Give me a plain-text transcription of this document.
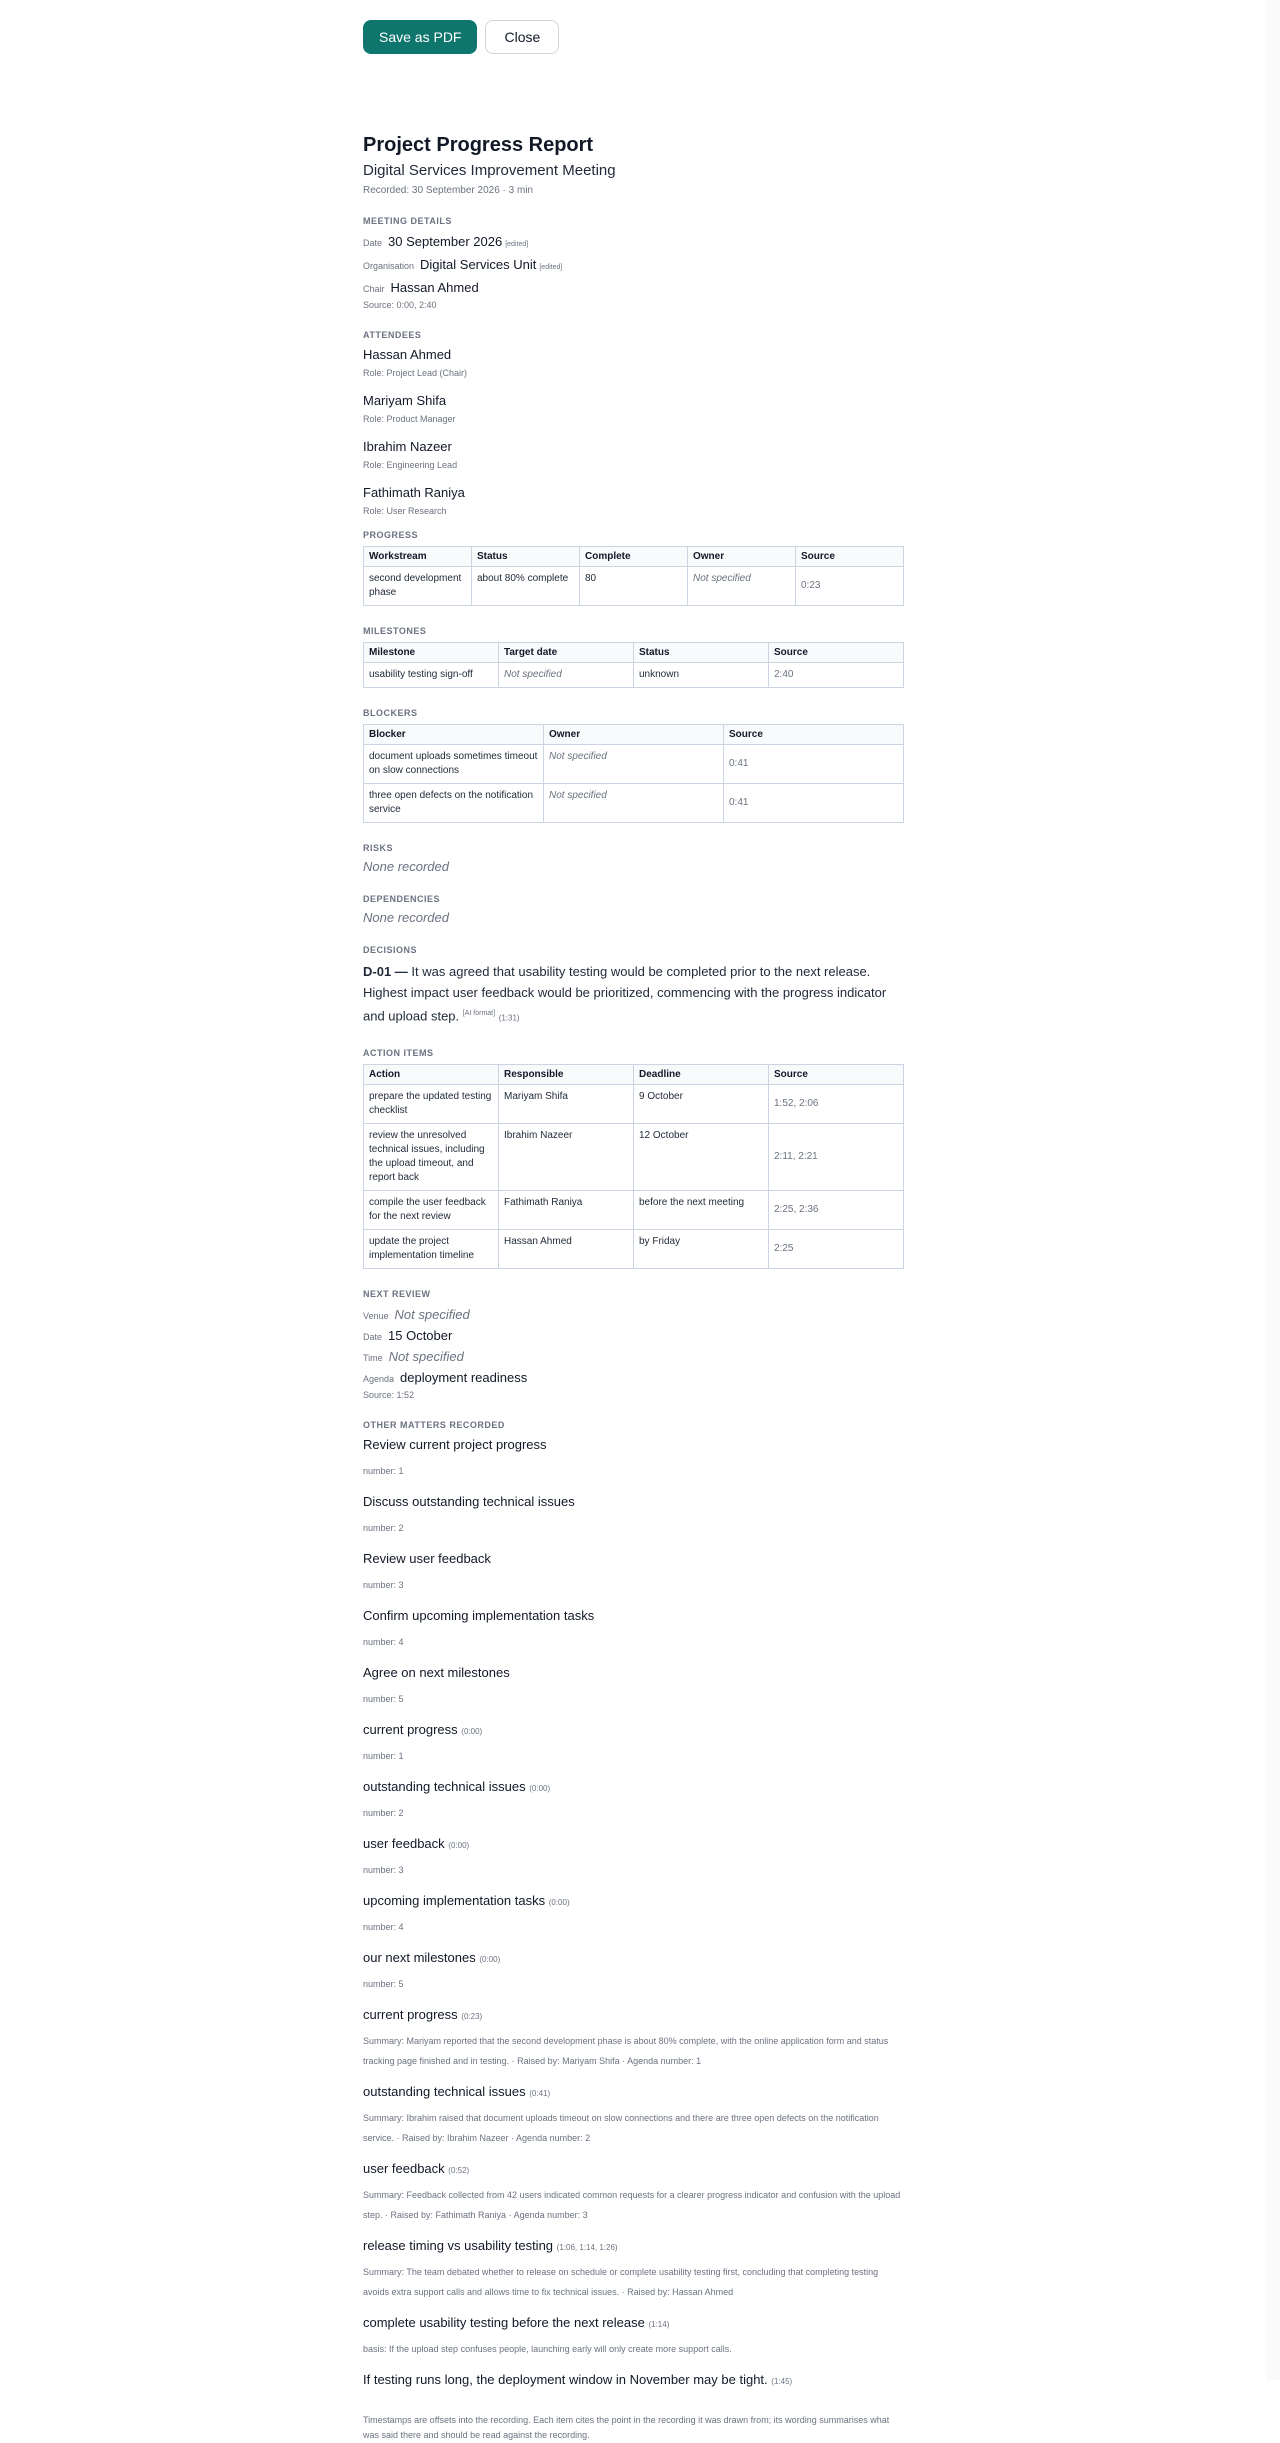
Save as PDF	Close
Project Progress Report
Digital Services Improvement Meeting
Recorded: 30 September 2026 · 3 min
MEETING DETAILS
Date 30 September 2026 [edited]
Organisation Digital Services Unit [edited]
Chair Hassan Ahmed
Source: 0:00, 2:40
ATTENDEES
Hassan Ahmed
Role: Project Lead (Chair)
Mariyam Shifa
Role: Product Manager
Ibrahim Nazeer
Role: Engineering Lead
Fathimath Raniya
Role: User Research
PROGRESS
Workstream	Status	Complete	Owner	Source
second development phase	about 80% complete	80	Not specified	0:23
MILESTONES
Milestone	Target date	Status	Source
usability testing sign-off	Not specified	unknown	2:40
BLOCKERS
Blocker	Owner	Source
document uploads sometimes timeout on slow connections	Not specified	0:41
three open defects on the notification service	Not specified	0:41
RISKS
None recorded
DEPENDENCIES
None recorded
DECISIONS
D-01 — It was agreed that usability testing would be completed prior to the next release. Highest impact user feedback would be prioritized, commencing with the progress indicator and upload step. [AI format] (1:31)
ACTION ITEMS
Action	Responsible	Deadline	Source
prepare the updated testing checklist	Mariyam Shifa	9 October	1:52, 2:06
review the unresolved technical issues, including the upload timeout, and report back	Ibrahim Nazeer	12 October	2:11, 2:21
compile the user feedback for the next review	Fathimath Raniya	before the next meeting	2:25, 2:36
update the project implementation timeline	Hassan Ahmed	by Friday	2:25
NEXT REVIEW
Venue Not specified
Date 15 October
Time Not specified
Agenda deployment readiness
Source: 1:52
OTHER MATTERS RECORDED
Review current project progress
number: 1
Discuss outstanding technical issues
number: 2
Review user feedback
number: 3
Confirm upcoming implementation tasks
number: 4
Agree on next milestones
number: 5
current progress (0:00)
number: 1
outstanding technical issues (0:00)
number: 2
user feedback (0:00)
number: 3
upcoming implementation tasks (0:00)
number: 4
our next milestones (0:00)
number: 5
current progress (0:23)
Summary: Mariyam reported that the second development phase is about 80% complete, with the online application form and status tracking page finished and in testing. · Raised by: Mariyam Shifa · Agenda number: 1
outstanding technical issues (0:41)
Summary: Ibrahim raised that document uploads timeout on slow connections and there are three open defects on the notification service. · Raised by: Ibrahim Nazeer · Agenda number: 2
user feedback (0:52)
Summary: Feedback collected from 42 users indicated common requests for a clearer progress indicator and confusion with the upload step. · Raised by: Fathimath Raniya · Agenda number: 3
release timing vs usability testing (1:06, 1:14, 1:26)
Summary: The team debated whether to release on schedule or complete usability testing first, concluding that completing testing avoids extra support calls and allows time to fix technical issues. · Raised by: Hassan Ahmed
complete usability testing before the next release (1:14)
basis: If the upload step confuses people, launching early will only create more support calls.
If testing runs long, the deployment window in November may be tight. (1:45)
Timestamps are offsets into the recording. Each item cites the point in the recording it was drawn from; its wording summarises what was said there and should be read against the recording.
